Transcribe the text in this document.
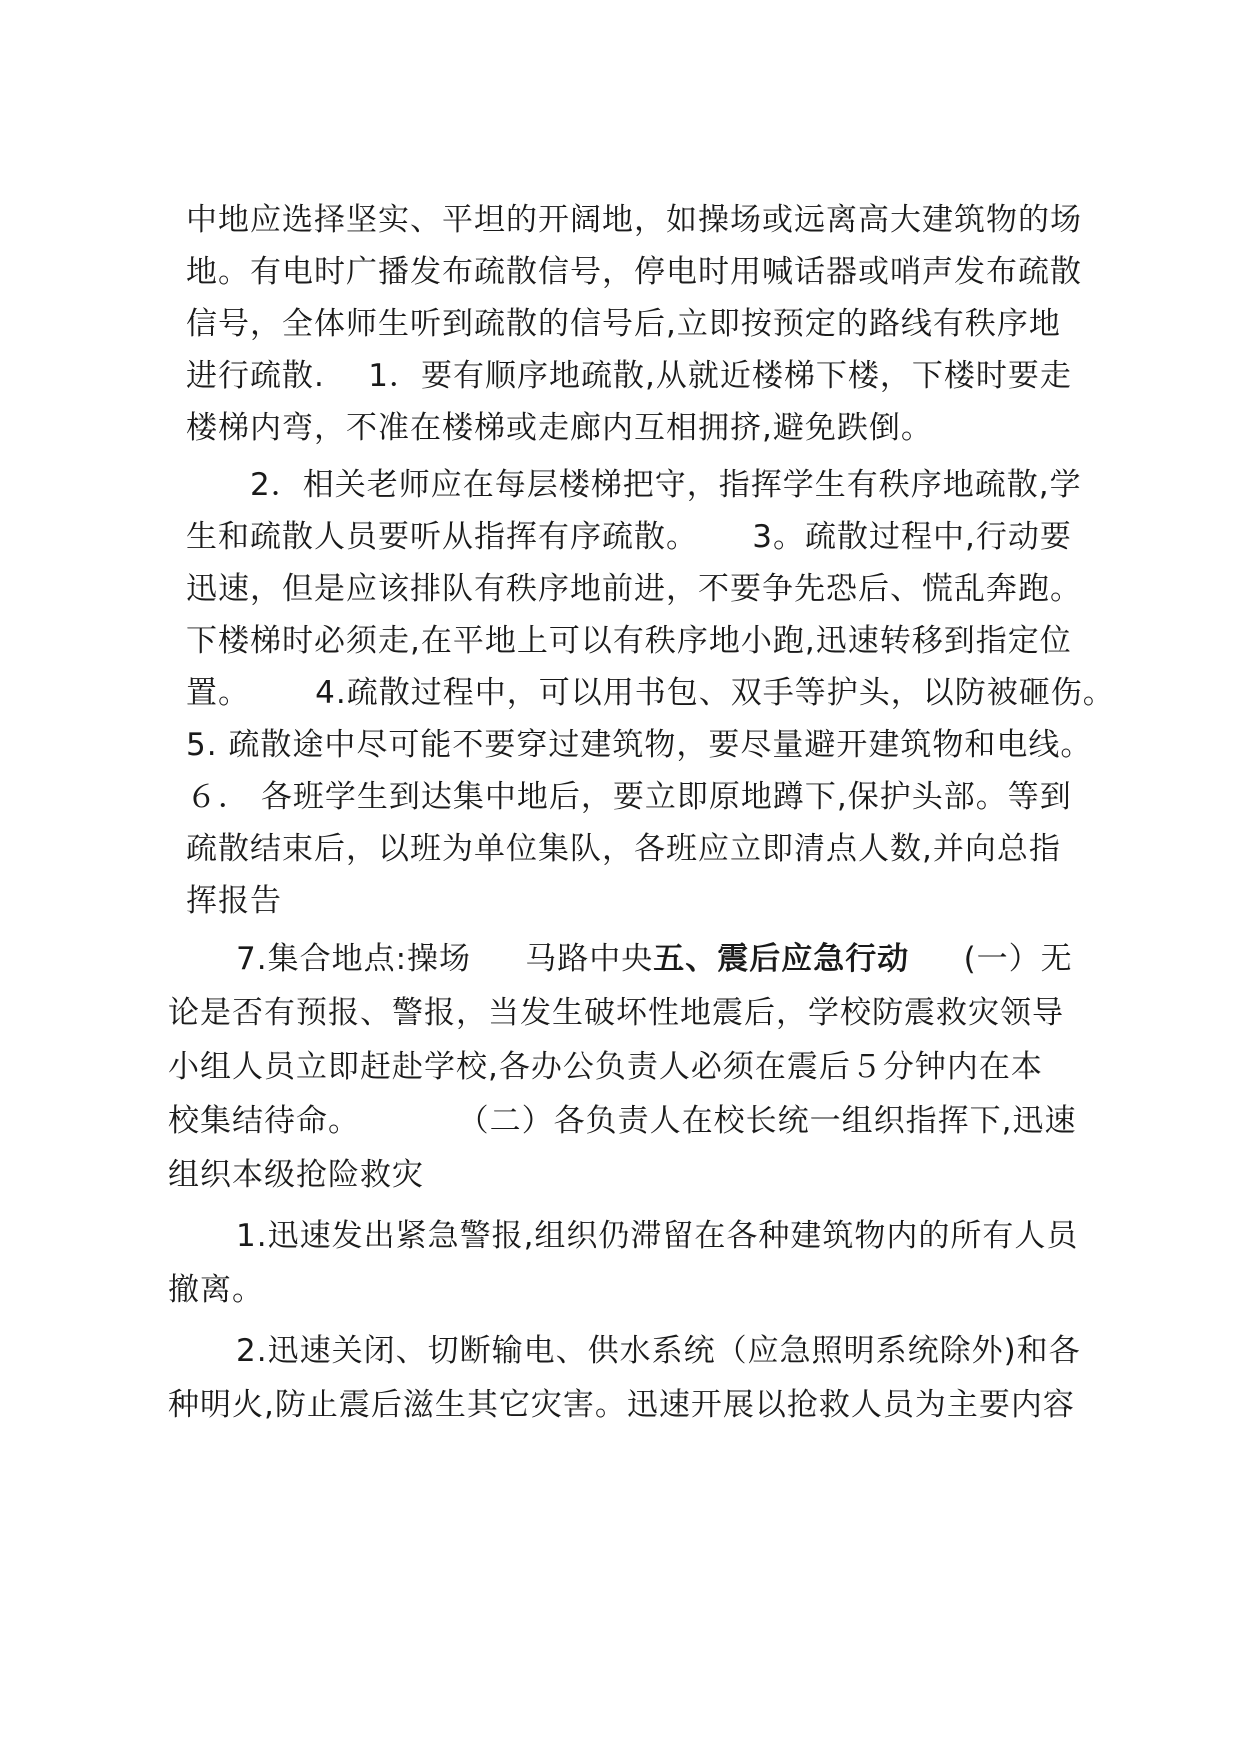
中地应选择坚实、平坦的开阔地，如操场或远离高大建筑物的场
地。有电时广播发布疏散信号，停电时用喊话器或哨声发布疏散
信号，全体师生听到疏散的信号后,立即按预定的路线有秩序地
进行疏散.    1．要有顺序地疏散,从就近楼梯下楼，下楼时要走
楼梯内弯，不准在楼梯或走廊内互相拥挤,避免跌倒。
2．相关老师应在每层楼梯把守，指挥学生有秩序地疏散,学
生和疏散人员要听从指挥有序疏散。     3。疏散过程中,行动要
迅速，但是应该排队有秩序地前进，不要争先恐后、慌乱奔跑。
下楼梯时必须走,在平地上可以有秩序地小跑,迅速转移到指定位
置。      4.疏散过程中，可以用书包、双手等护头，以防被砸伤。
5. 疏散途中尽可能不要穿过建筑物，要尽量避开建筑物和电线。
６． 各班学生到达集中地后，要立即原地蹲下,保护头部。等到
疏散结束后，以班为单位集队，各班应立即清点人数,并向总指
挥报告
7.集合地点:操场     马路中央五、震后应急行动     (一）无
论是否有预报、警报，当发生破坏性地震后，学校防震救灾领导
小组人员立即赶赴学校,各办公负责人必须在震后５分钟内在本
校集结待命。         （二）各负责人在校长统一组织指挥下,迅速
组织本级抢险救灾
1.迅速发出紧急警报,组织仍滞留在各种建筑物内的所有人员
撤离。
2.迅速关闭、切断输电、供水系统（应急照明系统除外)和各
种明火,防止震后滋生其它灾害。迅速开展以抢救人员为主要内容
